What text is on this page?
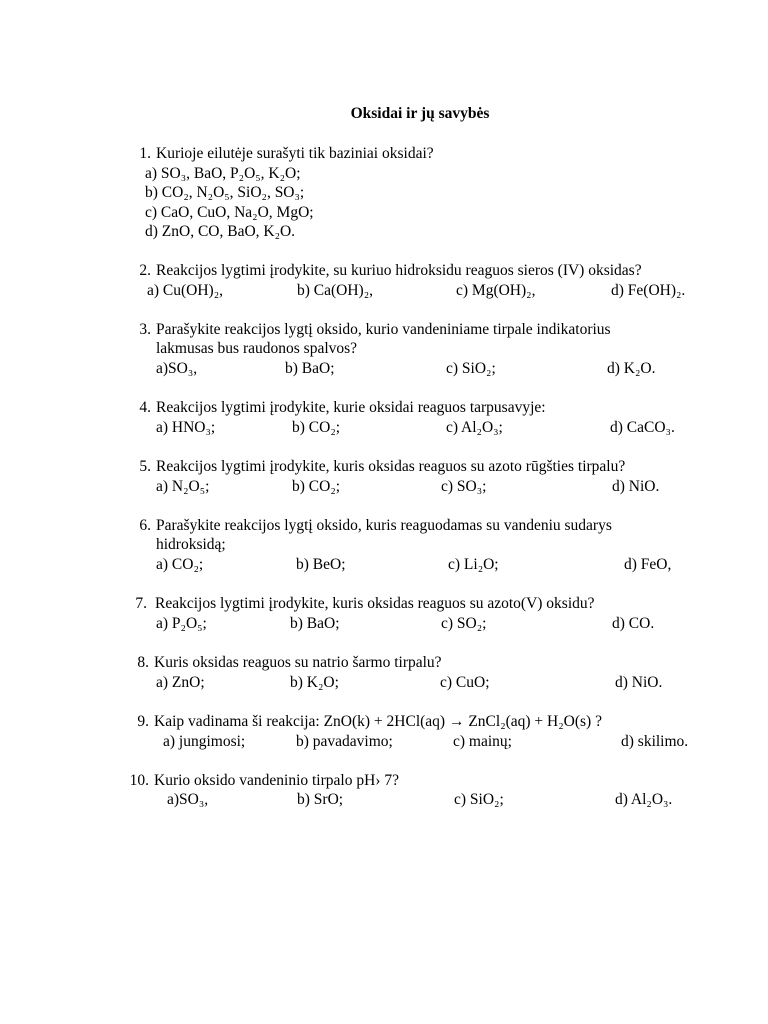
Oksidai ir jų savybės
1. Kurioje eilutėje surašyti tik baziniai oksidai?
a) SO₃, BaO, P₂O₅, K₂O;
b) CO₂, N₂O₅, SiO₂, SO₃;
c) CaO, CuO, Na₂O, MgO;
d) ZnO, CO, BaO, K₂O.
2. Reakcijos lygtimi įrodykite, su kuriuo hidroksidu reaguos sieros (IV) oksidas?
a) Cu(OH)₂,	b) Ca(OH)₂,	c) Mg(OH)₂,	d) Fe(OH)₂.
3. Parašykite reakcijos lygtį oksido, kurio vandeniniame tirpale indikatorius
lakmusas bus raudonos spalvos?
a)SO₃,	b) BaO;	c) SiO₂;	d) K₂O.
4. Reakcijos lygtimi įrodykite, kurie oksidai reaguos tarpusavyje:
a) HNO₃;	b) CO₂;	c) Al₂O₃;	d) CaCO₃.
5. Reakcijos lygtimi įrodykite, kuris oksidas reaguos su azoto rūgšties tirpalu?
a) N₂O₅;	b) CO₂;	c) SO₃;	d) NiO.
6. Parašykite reakcijos lygtį oksido, kuris reaguodamas su vandeniu sudarys
hidroksidą;
a) CO₂;	b) BeO;	c) Li₂O;	d) FeO,
7. Reakcijos lygtimi įrodykite, kuris oksidas reaguos su azoto(V) oksidu?
a) P₂O₅;	b) BaO;	c) SO₂;	d) CO.
8. Kuris oksidas reaguos su natrio šarmo tirpalu?
a) ZnO;	b) K₂O;	c) CuO;	d) NiO.
9. Kaip vadinama ši reakcija: ZnO(k) + 2HCl(aq) → ZnCl₂(aq) + H₂O(s) ?
a) jungimosi;	b) pavadavimo;	c) mainų;	d) skilimo.
10. Kurio oksido vandeninio tirpalo pH› 7?
a)SO₃,	b) SrO;	c) SiO₂;	d) Al₂O₃.
